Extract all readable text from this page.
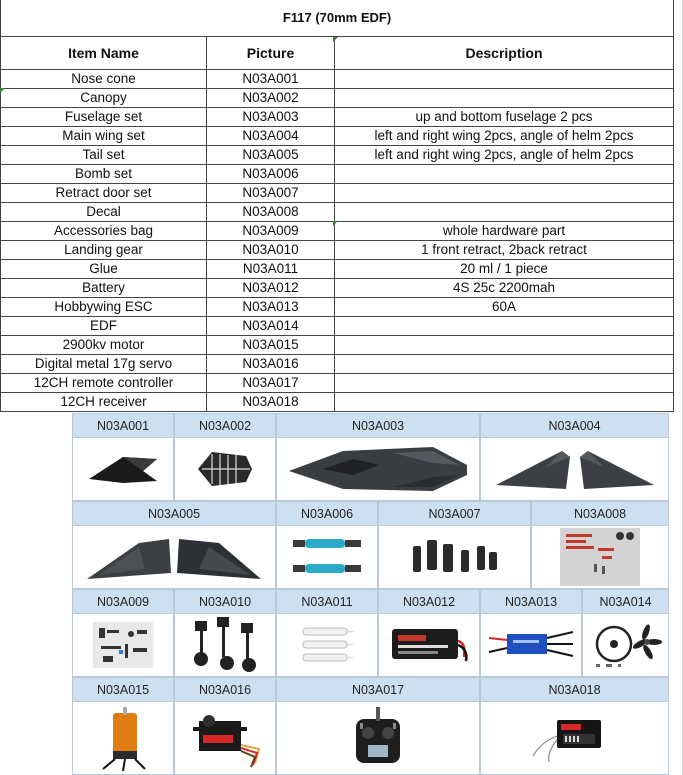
F117 (70mm EDF)		
Item Name	Picture	Description
Nose cone	N03A001	
Canopy	N03A002	
Fuselage set	N03A003	up and bottom fuselage 2 pcs
Main wing set	N03A004	left and right wing 2pcs, angle of helm 2pcs
Tail set	N03A005	left and right wing 2pcs, angle of helm 2pcs
Bomb set	N03A006	
Retract door set	N03A007	
Decal	N03A008	
Accessories bag	N03A009	whole hardware part
Landing gear	N03A010	1 front retract, 2back retract
Glue	N03A011	20 ml / 1 piece
Battery	N03A012	4S 25c 2200mah
Hobbywing ESC	N03A013	60A
EDF	N03A014	
2900kv motor	N03A015	
Digital metal 17g servo	N03A016	
12CH remote controller	N03A017	
12CH receiver	N03A018	
N03A001	N03A002	N03A003	N03A004
N03A005	N03A006	N03A007	N03A008
N03A009	N03A010	N03A011	N03A012	N03A013	N03A014
N03A015	N03A016	N03A017	N03A018
